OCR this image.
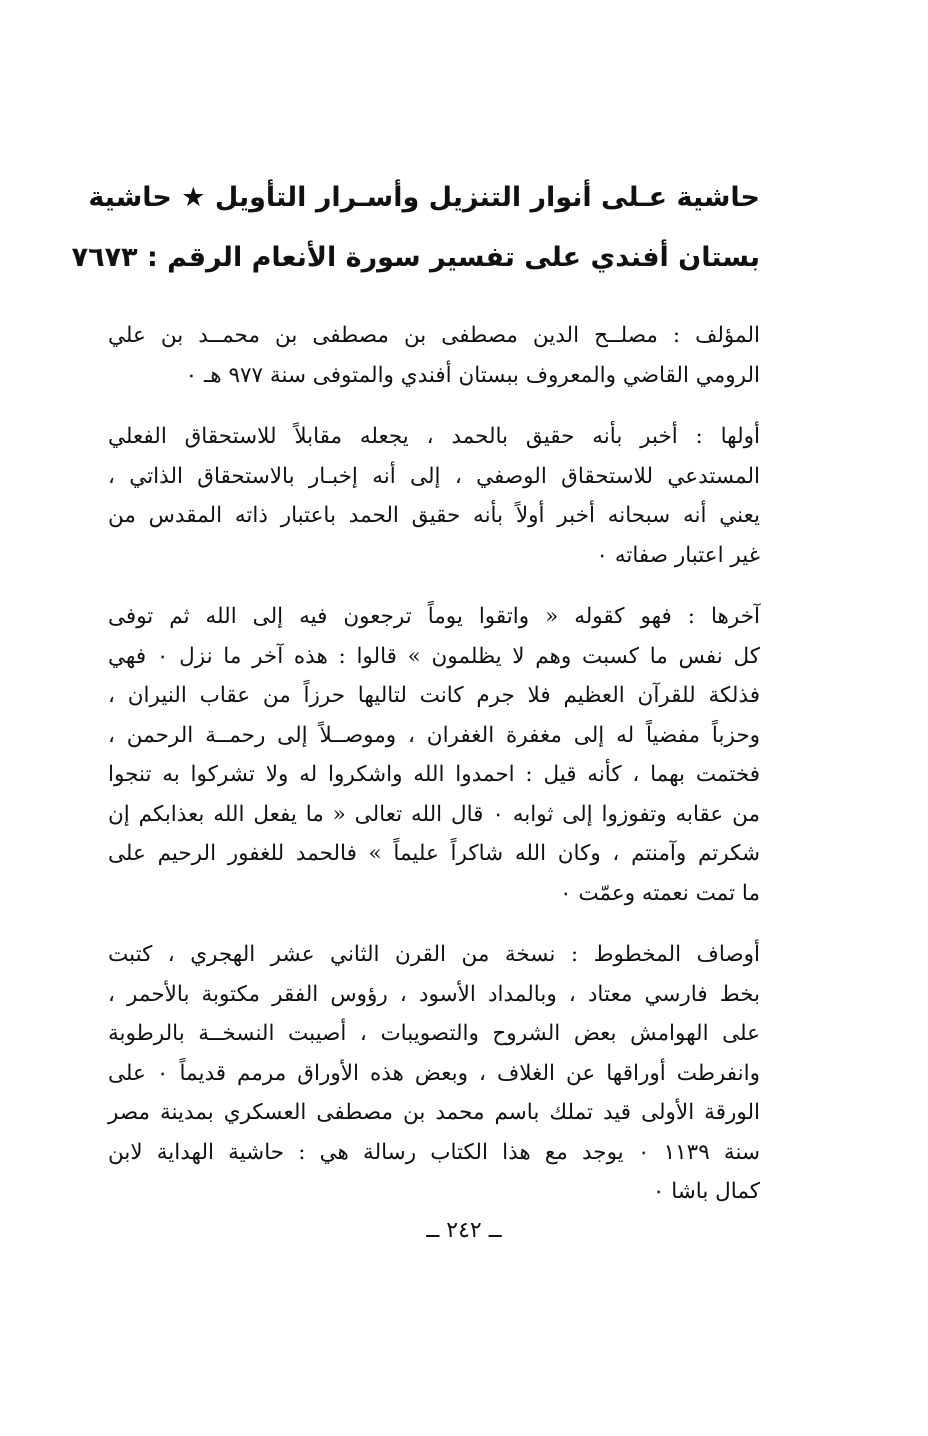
حاشية عـلى أنوار التنزيل وأسـرار التأويل ★ حاشية
بستان أفندي على تفسير سورة الأنعام الرقم : ٧٦٧٣
المؤلف : مصلــح الدين مصطفى بن مصطفى بن محمــد بن علي
الرومي القاضي والمعروف ببستان أفندي والمتوفى سنة ٩٧٧ هـ ٠
أولها : أخبر بأنه حقيق بالحمد ، يجعله مقابلاً للاستحقاق الفعلي
المستدعي للاستحقاق الوصفي ، إلى أنه إخبـار بالاستحقاق الذاتي ،
يعني أنه سبحانه أخبر أولاً بأنه حقيق الحمد باعتبار ذاته المقدس من
غير اعتبار صفاته ٠
آخرها : فهو كقوله « واتقوا يوماً ترجعون فيه إلى الله ثم توفى
كل نفس ما كسبت وهم لا يظلمون » قالوا : هذه آخر ما نزل ٠ فهي
فذلكة للقرآن العظيم فلا جرم كانت لتاليها حرزاً من عقاب النيران ،
وحزباً مفضياً له إلى مغفرة الغفران ، وموصــلاً إلى رحمــة الرحمن ،
فختمت بهما ، كأنه قيل : احمدوا الله واشكروا له ولا تشركوا به تنجوا
من عقابه وتفوزوا إلى ثوابه ٠ قال الله تعالى « ما يفعل الله بعذابكم إن
شكرتم وآمنتم ، وكان الله شاكراً عليماً » فالحمد للغفور الرحيم على
ما تمت نعمته وعمّت ٠
أوصاف المخطوط : نسخة من القرن الثاني عشر الهجري ، كتبت
بخط فارسي معتاد ، وبالمداد الأسود ، رؤوس الفقر مكتوبة بالأحمر ،
على الهوامش بعض الشروح والتصويبات ، أصيبت النسخــة بالرطوبة
وانفرطت أوراقها عن الغلاف ، وبعض هذه الأوراق مرمم قديماً ٠ على
الورقة الأولى قيد تملك باسم محمد بن مصطفى العسكري بمدينة مصر
سنة ١١٣٩ ٠ يوجد مع هذا الكتاب رسالة هي : حاشية الهداية لابن
كمال باشا ٠
ــ ٢٤٢ ــ
